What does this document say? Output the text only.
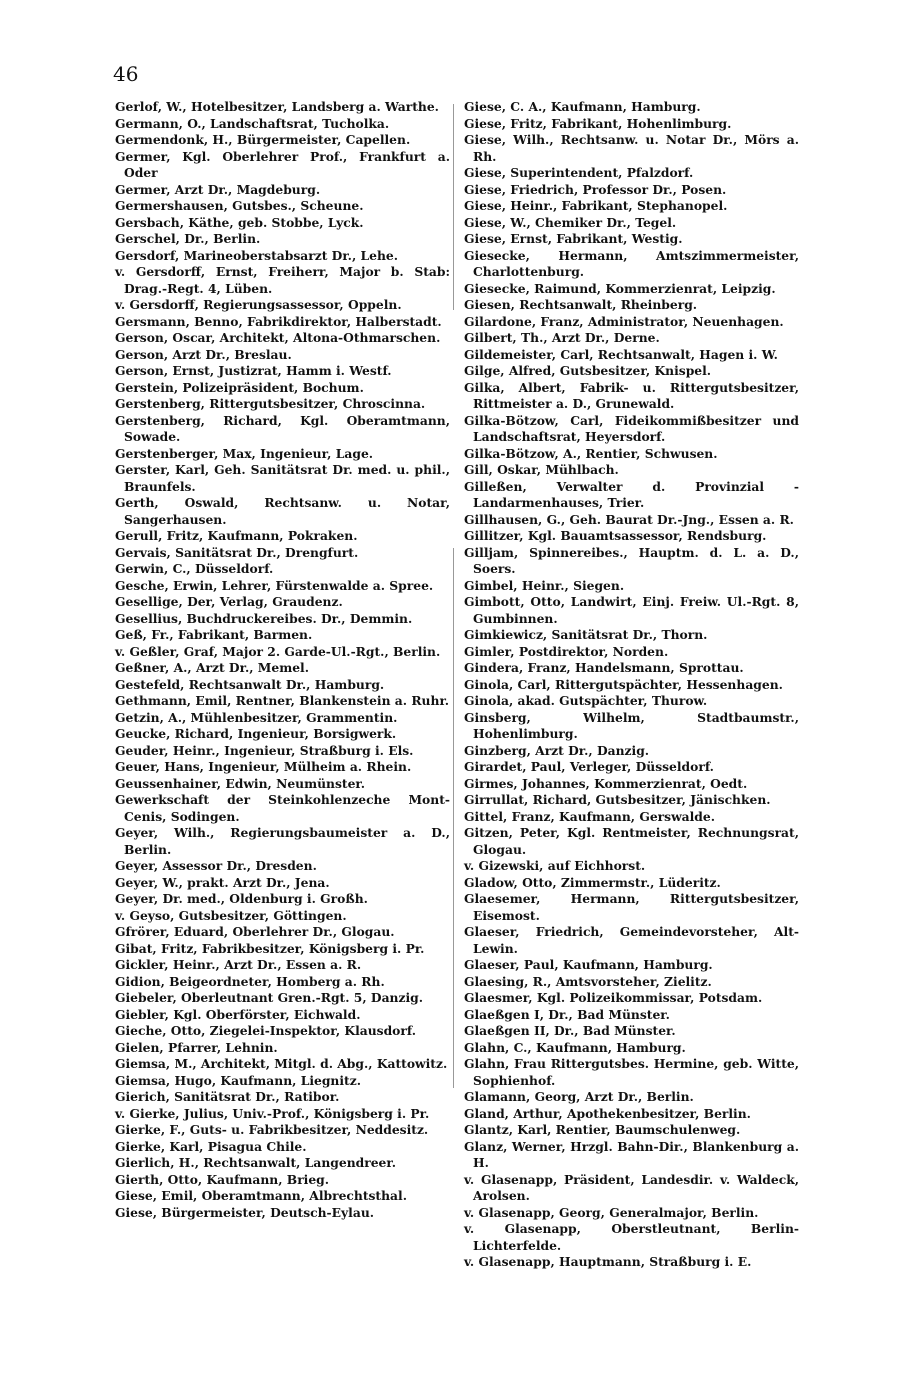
46
Gerlof, W., Hotelbesitzer, Landsberg a. Warthe.
Germann, O., Landschaftsrat, Tucholka.
Germendonk, H., Bürgermeister, Capellen.
Germer, Kgl. Oberlehrer Prof., Frankfurt a. Oder
Germer, Arzt Dr., Magdeburg.
Germershausen, Gutsbes., Scheune.
Gersbach, Käthe, geb. Stobbe, Lyck.
Gerschel, Dr., Berlin.
Gersdorf, Marineoberstabsarzt Dr., Lehe.
v. Gersdorff, Ernst, Freiherr, Major b. Stab: Drag.-Regt. 4, Lüben.
v. Gersdorff, Regierungsassessor, Oppeln.
Gersmann, Benno, Fabrikdirektor, Halberstadt.
Gerson, Oscar, Architekt, Altona-Othmarschen.
Gerson, Arzt Dr., Breslau.
Gerson, Ernst, Justizrat, Hamm i. Westf.
Gerstein, Polizeipräsident, Bochum.
Gerstenberg, Rittergutsbesitzer, Chroscinna.
Gerstenberg, Richard, Kgl. Oberamtmann, Sowade.
Gerstenberger, Max, Ingenieur, Lage.
Gerster, Karl, Geh. Sanitätsrat Dr. med. u. phil., Braunfels.
Gerth, Oswald, Rechtsanw. u. Notar, Sangerhausen.
Gerull, Fritz, Kaufmann, Pokraken.
Gervais, Sanitätsrat Dr., Drengfurt.
Gerwin, C., Düsseldorf.
Gesche, Erwin, Lehrer, Fürstenwalde a. Spree.
Gesellige, Der, Verlag, Graudenz.
Gesellius, Buchdruckereibes. Dr., Demmin.
Geß, Fr., Fabrikant, Barmen.
v. Geßler, Graf, Major 2. Garde-Ul.-Rgt., Berlin.
Geßner, A., Arzt Dr., Memel.
Gestefeld, Rechtsanwalt Dr., Hamburg.
Gethmann, Emil, Rentner, Blankenstein a. Ruhr.
Getzin, A., Mühlenbesitzer, Grammentin.
Geucke, Richard, Ingenieur, Borsigwerk.
Geuder, Heinr., Ingenieur, Straßburg i. Els.
Geuer, Hans, Ingenieur, Mülheim a. Rhein.
Geussenhainer, Edwin, Neumünster.
Gewerkschaft der Steinkohlenzeche Mont-Cenis, Sodingen.
Geyer, Wilh., Regierungsbaumeister a. D., Berlin.
Geyer, Assessor Dr., Dresden.
Geyer, W., prakt. Arzt Dr., Jena.
Geyer, Dr. med., Oldenburg i. Großh.
v. Geyso, Gutsbesitzer, Göttingen.
Gfrörer, Eduard, Oberlehrer Dr., Glogau.
Gibat, Fritz, Fabrikbesitzer, Königsberg i. Pr.
Gickler, Heinr., Arzt Dr., Essen a. R.
Gidion, Beigeordneter, Homberg a. Rh.
Giebeler, Oberleutnant Gren.-Rgt. 5, Danzig.
Giebler, Kgl. Oberförster, Eichwald.
Gieche, Otto, Ziegelei-Inspektor, Klausdorf.
Gielen, Pfarrer, Lehnin.
Giemsa, M., Architekt, Mitgl. d. Abg., Kattowitz.
Giemsa, Hugo, Kaufmann, Liegnitz.
Gierich, Sanitätsrat Dr., Ratibor.
v. Gierke, Julius, Univ.-Prof., Königsberg i. Pr.
Gierke, F., Guts- u. Fabrikbesitzer, Neddesitz.
Gierke, Karl, Pisagua Chile.
Gierlich, H., Rechtsanwalt, Langendreer.
Gierth, Otto, Kaufmann, Brieg.
Giese, Emil, Oberamtmann, Albrechtsthal.
Giese, Bürgermeister, Deutsch-Eylau.
Giese, C. A., Kaufmann, Hamburg.
Giese, Fritz, Fabrikant, Hohenlimburg.
Giese, Wilh., Rechtsanw. u. Notar Dr., Mörs a. Rh.
Giese, Superintendent, Pfalzdorf.
Giese, Friedrich, Professor Dr., Posen.
Giese, Heinr., Fabrikant, Stephanopel.
Giese, W., Chemiker Dr., Tegel.
Giese, Ernst, Fabrikant, Westig.
Giesecke, Hermann, Amtszimmermeister, Charlottenburg.
Giesecke, Raimund, Kommerzienrat, Leipzig.
Giesen, Rechtsanwalt, Rheinberg.
Gilardone, Franz, Administrator, Neuenhagen.
Gilbert, Th., Arzt Dr., Derne.
Gildemeister, Carl, Rechtsanwalt, Hagen i. W.
Gilge, Alfred, Gutsbesitzer, Knispel.
Gilka, Albert, Fabrik- u. Rittergutsbesitzer, Rittmeister a. D., Grunewald.
Gilka-Bötzow, Carl, Fideikommißbesitzer und Landschaftsrat, Heyersdorf.
Gilka-Bötzow, A., Rentier, Schwusen.
Gill, Oskar, Mühlbach.
Gilleßen, Verwalter d. Provinzial - Landarmenhauses, Trier.
Gillhausen, G., Geh. Baurat Dr.-Jng., Essen a. R.
Gillitzer, Kgl. Bauamtsassessor, Rendsburg.
Gilljam, Spinnereibes., Hauptm. d. L. a. D., Soers.
Gimbel, Heinr., Siegen.
Gimbott, Otto, Landwirt, Einj. Freiw. Ul.-Rgt. 8, Gumbinnen.
Gimkiewicz, Sanitätsrat Dr., Thorn.
Gimler, Postdirektor, Norden.
Gindera, Franz, Handelsmann, Sprottau.
Ginola, Carl, Rittergutspächter, Hessenhagen.
Ginola, akad. Gutspächter, Thurow.
Ginsberg, Wilhelm, Stadtbaumstr., Hohenlimburg.
Ginzberg, Arzt Dr., Danzig.
Girardet, Paul, Verleger, Düsseldorf.
Girmes, Johannes, Kommerzienrat, Oedt.
Girrullat, Richard, Gutsbesitzer, Jänischken.
Gittel, Franz, Kaufmann, Gerswalde.
Gitzen, Peter, Kgl. Rentmeister, Rechnungsrat, Glogau.
v. Gizewski, auf Eichhorst.
Gladow, Otto, Zimmermstr., Lüderitz.
Glaesemer, Hermann, Rittergutsbesitzer, Eisemost.
Glaeser, Friedrich, Gemeindevorsteher, Alt-Lewin.
Glaeser, Paul, Kaufmann, Hamburg.
Glaesing, R., Amtsvorsteher, Zielitz.
Glaesmer, Kgl. Polizeikommissar, Potsdam.
Glaeßgen I, Dr., Bad Münster.
Glaeßgen II, Dr., Bad Münster.
Glahn, C., Kaufmann, Hamburg.
Glahn, Frau Rittergutsbes. Hermine, geb. Witte, Sophienhof.
Glamann, Georg, Arzt Dr., Berlin.
Gland, Arthur, Apothekenbesitzer, Berlin.
Glantz, Karl, Rentier, Baumschulenweg.
Glanz, Werner, Hrzgl. Bahn-Dir., Blankenburg a. H.
v. Glasenapp, Präsident, Landesdir. v. Waldeck, Arolsen.
v. Glasenapp, Georg, Generalmajor, Berlin.
v. Glasenapp, Oberstleutnant, Berlin-Lichterfelde.
v. Glasenapp, Hauptmann, Straßburg i. E.
